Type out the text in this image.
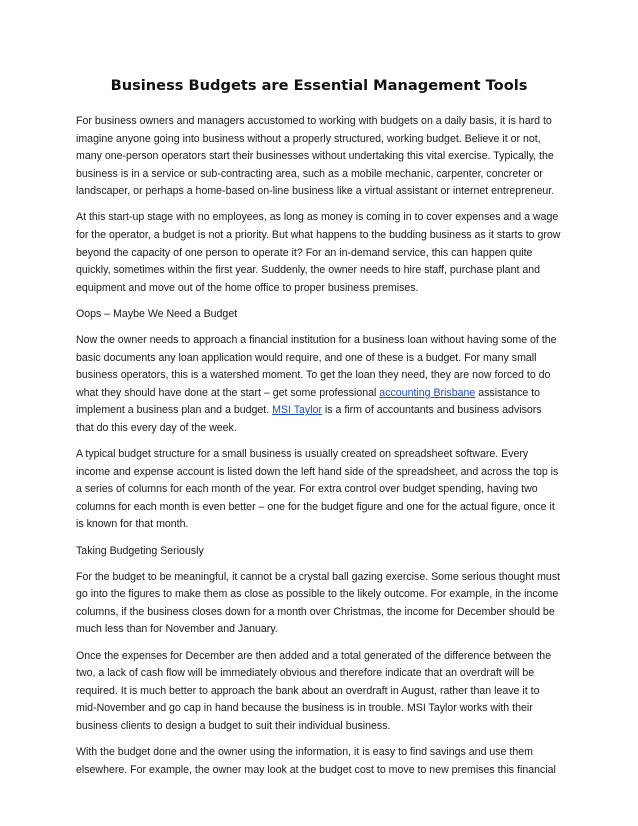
Business Budgets are Essential Management Tools

For business owners and managers accustomed to working with budgets on a daily basis, it is hard to imagine anyone going into business without a properly structured, working budget. Believe it or not, many one-person operators start their businesses without undertaking this vital exercise. Typically, the business is in a service or sub-contracting area, such as a mobile mechanic, carpenter, concreter or landscaper, or perhaps a home-based on-line business like a virtual assistant or internet entrepreneur.

At this start-up stage with no employees, as long as money is coming in to cover expenses and a wage for the operator, a budget is not a priority. But what happens to the budding business as it starts to grow beyond the capacity of one person to operate it? For an in-demand service, this can happen quite quickly, sometimes within the first year. Suddenly, the owner needs to hire staff, purchase plant and equipment and move out of the home office to proper business premises.

Oops – Maybe We Need a Budget

Now the owner needs to approach a financial institution for a business loan without having some of the basic documents any loan application would require, and one of these is a budget. For many small business operators, this is a watershed moment. To get the loan they need, they are now forced to do what they should have done at the start – get some professional accounting Brisbane assistance to implement a business plan and a budget. MSI Taylor is a firm of accountants and business advisors that do this every day of the week.

A typical budget structure for a small business is usually created on spreadsheet software. Every income and expense account is listed down the left hand side of the spreadsheet, and across the top is a series of columns for each month of the year. For extra control over budget spending, having two columns for each month is even better – one for the budget figure and one for the actual figure, once it is known for that month.

Taking Budgeting Seriously

For the budget to be meaningful, it cannot be a crystal ball gazing exercise. Some serious thought must go into the figures to make them as close as possible to the likely outcome. For example, in the income columns, if the business closes down for a month over Christmas, the income for December should be much less than for November and January.

Once the expenses for December are then added and a total generated of the difference between the two, a lack of cash flow will be immediately obvious and therefore indicate that an overdraft will be required. It is much better to approach the bank about an overdraft in August, rather than leave it to mid-November and go cap in hand because the business is in trouble. MSI Taylor works with their business clients to design a budget to suit their individual business.

With the budget done and the owner using the information, it is easy to find savings and use them elsewhere. For example, the owner may look at the budget cost to move to new premises this financial
